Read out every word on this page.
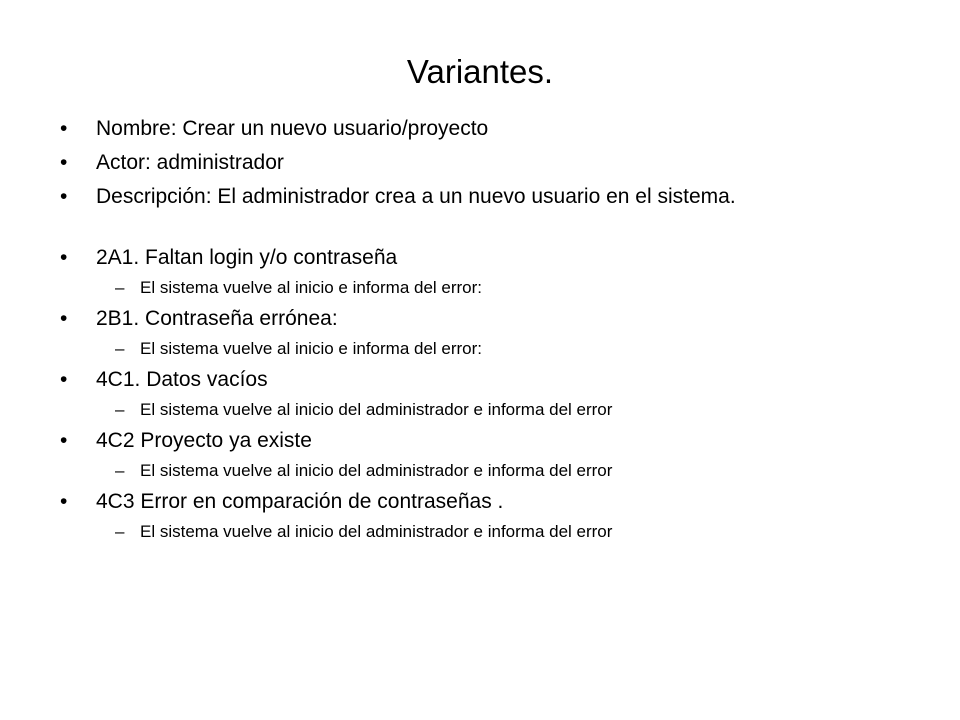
Variantes.
• Nombre: Crear un nuevo usuario/proyecto
• Actor: administrador
• Descripción: El administrador crea a un nuevo usuario en el sistema.
• 2A1. Faltan login y/o contraseña
– El sistema vuelve al inicio e informa del error:
• 2B1. Contraseña errónea:
– El sistema vuelve al inicio e informa del error:
• 4C1. Datos vacíos
– El sistema vuelve al inicio del administrador e informa del error
• 4C2 Proyecto ya existe
– El sistema vuelve al inicio del administrador e informa del error
• 4C3 Error en comparación de contraseñas .
– El sistema vuelve al inicio del administrador e informa del error
